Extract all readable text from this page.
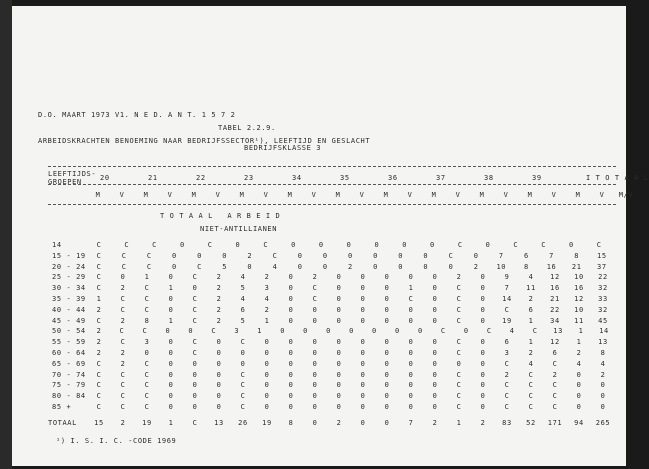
D.O. MAART 1973 V1. N E D. A N T. 1 5 7 2
TABEL 2.2.9.
ARBEIDSKRACHTEN BENOEMING NAAR BEDRIJFSSECTOR¹), LEEFTIJD EN GESLACHT
BEDRIJFSKLASSE 3
LEEFTIJDS-
GROEPEN	20	21	22	23	34	35	36	37	38	39	I T O T A A L
M	V	M	V	M	V	M	V	M	V	M	V	M	V	M	V	M	V	M	V	M	V	M/V
T O T A A L   A R B E I D
NIET-ANTILLIANEN
14	C	C	C	0	C	0	C	0	0	0	0	0	0	C	0	C	C	0	C
15 - 19	C	C	C	0	0	0	2	C	0	0	0	0	0	0	C	0	7	6	7	8	15
20 - 24	C	C	C	0	C	5	0	4	0	0	2	0	0	0	0	2	10	8	16	21	37
25 - 29	C	0	1	0	C	2	4	2	0	2	0	0	0	0	0	2	0	9	4	12	10	22
30 - 34	C	2	C	1	0	2	5	3	0	C	0	0	0	1	0	C	0	7	11	16	16	32
35 - 39	1	C	C	0	C	2	4	4	0	C	0	0	0	C	0	C	0	14	2	21	12	33
40 - 44	2	C	C	0	C	2	6	2	0	0	0	0	0	0	0	C	0	C	6	22	10	32
45 - 49	C	2	8	1	C	2	5	1	0	0	0	0	0	0	0	C	0	19	1	34	11	45
50 - 54	2	C	C	0	0	C	3	1	0	0	0	0	0	0	0	C	0	C	4	C	13	1	14
55 - 59	2	C	3	0	C	0	C	0	0	0	0	0	0	0	0	C	0	6	1	12	1	13
60 - 64	2	2	0	0	C	0	0	0	0	0	0	0	0	0	0	C	0	3	2	6	2	8
65 - 69	C	2	C	0	0	0	0	0	0	0	0	0	0	0	0	0	0	C	4	C	4	4
70 - 74	C	C	C	0	0	0	C	0	0	0	0	0	0	0	0	C	0	2	C	2	0	2
75 - 79	C	C	C	0	0	0	C	0	0	0	0	0	0	0	0	C	0	C	C	C	0	0
80 - 84	C	C	C	0	0	0	C	0	0	0	0	0	0	0	0	C	0	C	C	C	0	0
85 +	C	C	C	0	0	0	C	0	0	0	0	0	0	0	0	C	0	C	C	C	0	0
TOTAAL	15	2	19	1	C	13	26	19	8	0	2	0	0	7	2	1	2	83	52	171	94	265
¹) I. S. I. C. -CODE 1969
